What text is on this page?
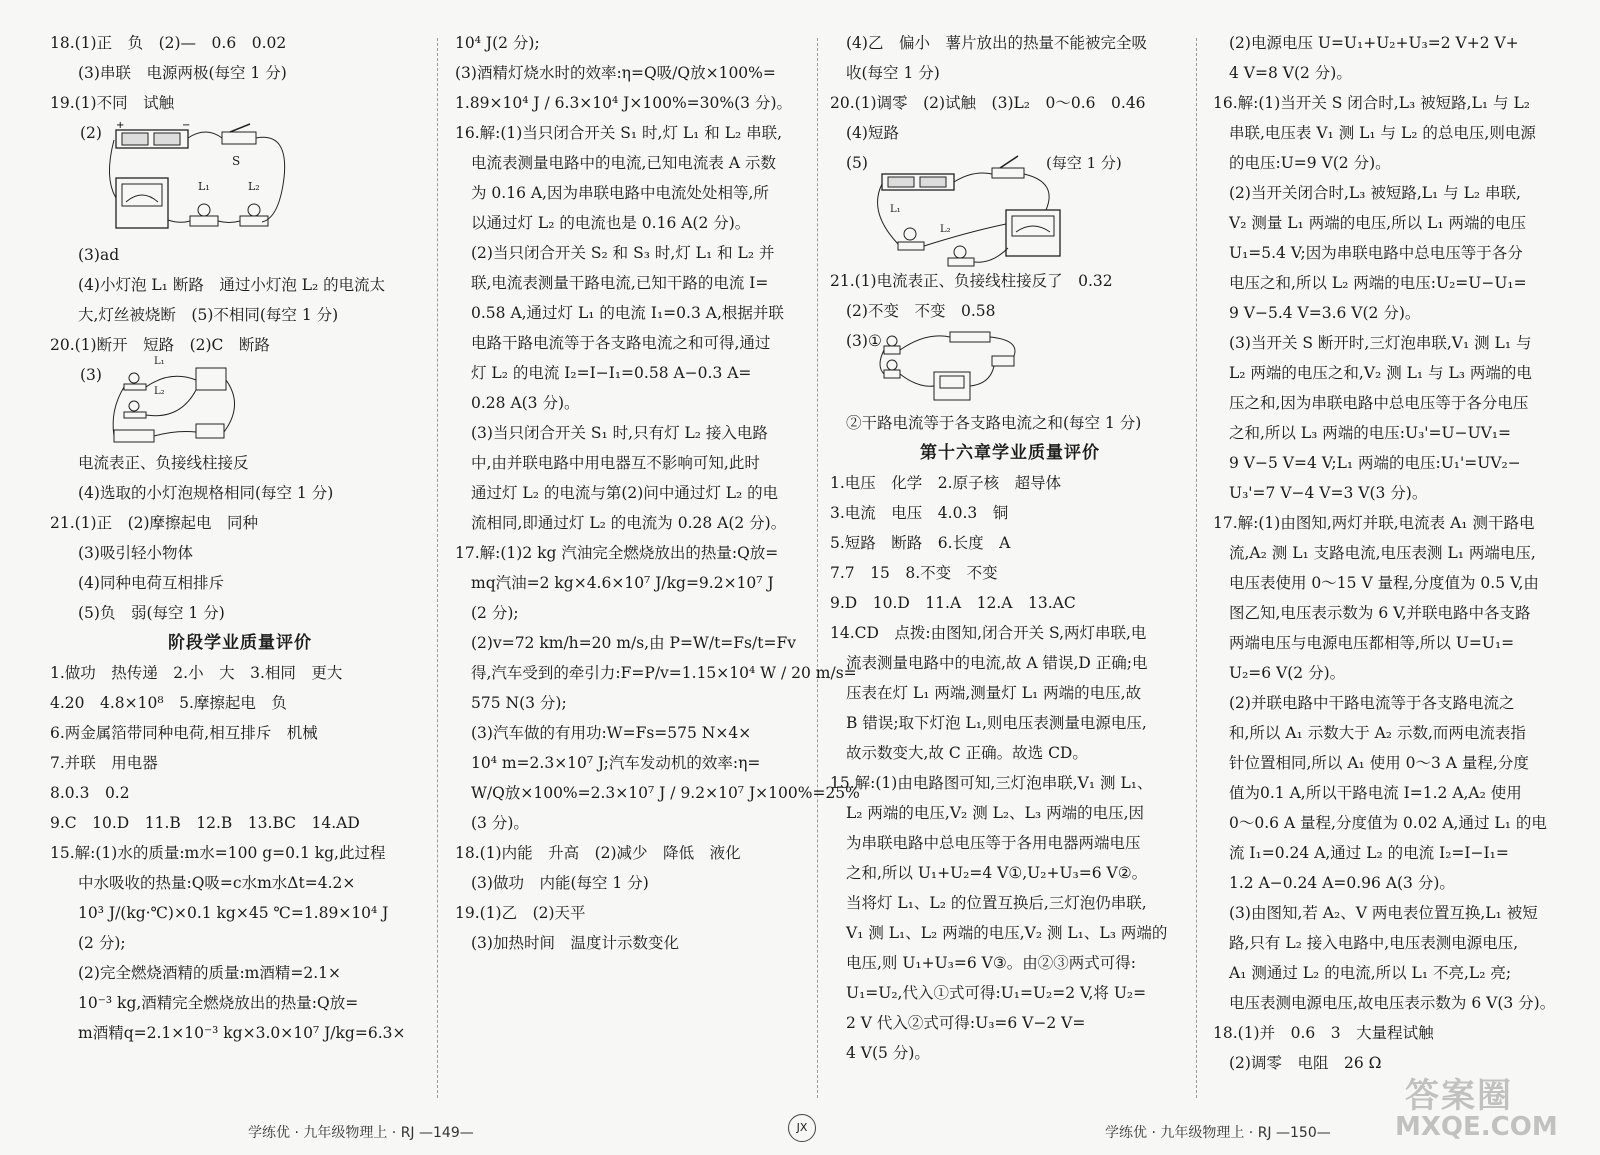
18.(1)正　负　(2)—　0.6　0.02
(3)串联　电源两极(每空 1 分)
19.(1)不同　试触
(2) +	−
S
L₁	L₂
(3)ad
(4)小灯泡 L₁ 断路　通过小灯泡 L₂ 的电流太
大,灯丝被烧断　(5)不相同(每空 1 分)
20.(1)断开　短路　(2)C　断路
(3)
L₁
L₂
电流表正、负接线柱接反
(4)选取的小灯泡规格相同(每空 1 分)
21.(1)正　(2)摩擦起电　同种
(3)吸引轻小物体
(4)同种电荷互相排斥
(5)负　弱(每空 1 分)
阶段学业质量评价
1.做功　热传递　2.小　大　3.相同　更大
4.20　4.8×10⁸　5.摩擦起电　负
6.两金属箔带同种电荷,相互排斥　机械
7.并联　用电器
8.0.3　0.2
9.C　10.D　11.B　12.B　13.BC　14.AD
15.解:(1)水的质量:m水=100 g=0.1 kg,此过程
中水吸收的热量:Q吸=c水m水Δt=4.2×
10³ J/(kg·℃)×0.1 kg×45 ℃=1.89×10⁴ J
(2 分);
(2)完全燃烧酒精的质量:m酒精=2.1×
10⁻³ kg,酒精完全燃烧放出的热量:Q放=
m酒精q=2.1×10⁻³ kg×3.0×10⁷ J/kg=6.3×
10⁴ J(2 分);
(3)酒精灯烧水时的效率:η=Q吸/Q放×100%=
1.89×10⁴ J / 6.3×10⁴ J×100%=30%(3 分)。
16.解:(1)当只闭合开关 S₁ 时,灯 L₁ 和 L₂ 串联,
电流表测量电路中的电流,已知电流表 A 示数
为 0.16 A,因为串联电路中电流处处相等,所
以通过灯 L₂ 的电流也是 0.16 A(2 分)。
(2)当只闭合开关 S₂ 和 S₃ 时,灯 L₁ 和 L₂ 并
联,电流表测量干路电流,已知干路的电流 I=
0.58 A,通过灯 L₁ 的电流 I₁=0.3 A,根据并联
电路干路电流等于各支路电流之和可得,通过
灯 L₂ 的电流 I₂=I−I₁=0.58 A−0.3 A=
0.28 A(3 分)。
(3)当只闭合开关 S₁ 时,只有灯 L₂ 接入电路
中,由并联电路中用电器互不影响可知,此时
通过灯 L₂ 的电流与第(2)问中通过灯 L₂ 的电
流相同,即通过灯 L₂ 的电流为 0.28 A(2 分)。
17.解:(1)2 kg 汽油完全燃烧放出的热量:Q放=
mq汽油=2 kg×4.6×10⁷ J/kg=9.2×10⁷ J
(2 分);
(2)v=72 km/h=20 m/s,由 P=W/t=Fs/t=Fv
得,汽车受到的牵引力:F=P/v=1.15×10⁴ W / 20 m/s=
575 N(3 分);
(3)汽车做的有用功:W=Fs=575 N×4×
10⁴ m=2.3×10⁷ J;汽车发动机的效率:η=
W/Q放×100%=2.3×10⁷ J / 9.2×10⁷ J×100%=25%
(3 分)。
18.(1)内能　升高　(2)减少　降低　液化
(3)做功　内能(每空 1 分)
19.(1)乙　(2)天平
(3)加热时间　温度计示数变化
(4)乙　偏小　薯片放出的热量不能被完全吸
收(每空 1 分)
20.(1)调零　(2)试触　(3)L₂　0～0.6　0.46
(4)短路
(5)	(每空 1 分)
L₁
L₂
21.(1)电流表正、负接线柱接反了　0.32
(2)不变　不变　0.58
(3)①
②干路电流等于各支路电流之和(每空 1 分)
第十六章学业质量评价
1.电压　化学　2.原子核　超导体
3.电流　电压　4.0.3　铜
5.短路　断路　6.长度　A
7.7　15　8.不变　不变
9.D　10.D　11.A　12.A　13.AC
14.CD　点拨:由图知,闭合开关 S,两灯串联,电
流表测量电路中的电流,故 A 错误,D 正确;电
压表在灯 L₁ 两端,测量灯 L₁ 两端的电压,故
B 错误;取下灯泡 L₁,则电压表测量电源电压,
故示数变大,故 C 正确。故选 CD。
15.解:(1)由电路图可知,三灯泡串联,V₁ 测 L₁、
L₂ 两端的电压,V₂ 测 L₂、L₃ 两端的电压,因
为串联电路中总电压等于各用电器两端电压
之和,所以 U₁+U₂=4 V①,U₂+U₃=6 V②。
当将灯 L₁、L₂ 的位置互换后,三灯泡仍串联,
V₁ 测 L₁、L₂ 两端的电压,V₂ 测 L₁、L₃ 两端的
电压,则 U₁+U₃=6 V③。由②③两式可得:
U₁=U₂,代入①式可得:U₁=U₂=2 V,将 U₂=
2 V 代入②式可得:U₃=6 V−2 V=
4 V(5 分)。
(2)电源电压 U=U₁+U₂+U₃=2 V+2 V+
4 V=8 V(2 分)。
16.解:(1)当开关 S 闭合时,L₃ 被短路,L₁ 与 L₂
串联,电压表 V₁ 测 L₁ 与 L₂ 的总电压,则电源
的电压:U=9 V(2 分)。
(2)当开关闭合时,L₃ 被短路,L₁ 与 L₂ 串联,
V₂ 测量 L₁ 两端的电压,所以 L₁ 两端的电压
U₁=5.4 V;因为串联电路中总电压等于各分
电压之和,所以 L₂ 两端的电压:U₂=U−U₁=
9 V−5.4 V=3.6 V(2 分)。
(3)当开关 S 断开时,三灯泡串联,V₁ 测 L₁ 与
L₂ 两端的电压之和,V₂ 测 L₁ 与 L₃ 两端的电
压之和,因为串联电路中总电压等于各分电压
之和,所以 L₃ 两端的电压:U₃'=U−UV₁=
9 V−5 V=4 V;L₁ 两端的电压:U₁'=UV₂−
U₃'=7 V−4 V=3 V(3 分)。
17.解:(1)由图知,两灯并联,电流表 A₁ 测干路电
流,A₂ 测 L₁ 支路电流,电压表测 L₁ 两端电压,
电压表使用 0～15 V 量程,分度值为 0.5 V,由
图乙知,电压表示数为 6 V,并联电路中各支路
两端电压与电源电压都相等,所以 U=U₁=
U₂=6 V(2 分)。
(2)并联电路中干路电流等于各支路电流之
和,所以 A₁ 示数大于 A₂ 示数,而两电流表指
针位置相同,所以 A₁ 使用 0～3 A 量程,分度
值为0.1 A,所以干路电流 I=1.2 A,A₂ 使用
0～0.6 A 量程,分度值为 0.02 A,通过 L₁ 的电
流 I₁=0.24 A,通过 L₂ 的电流 I₂=I−I₁=
1.2 A−0.24 A=0.96 A(3 分)。
(3)由图知,若 A₂、V 两电表位置互换,L₁ 被短
路,只有 L₂ 接入电路中,电压表测电源电压,
A₁ 测通过 L₂ 的电流,所以 L₁ 不亮,L₂ 亮;
电压表测电源电压,故电压表示数为 6 V(3 分)。
18.(1)并　0.6　3　大量程试触
(2)调零　电阻　26 Ω
学练优 · 九年级物理上 · RJ —149—	JX	学练优 · 九年级物理上 · RJ —150—
答案圈
MXQE.COM
